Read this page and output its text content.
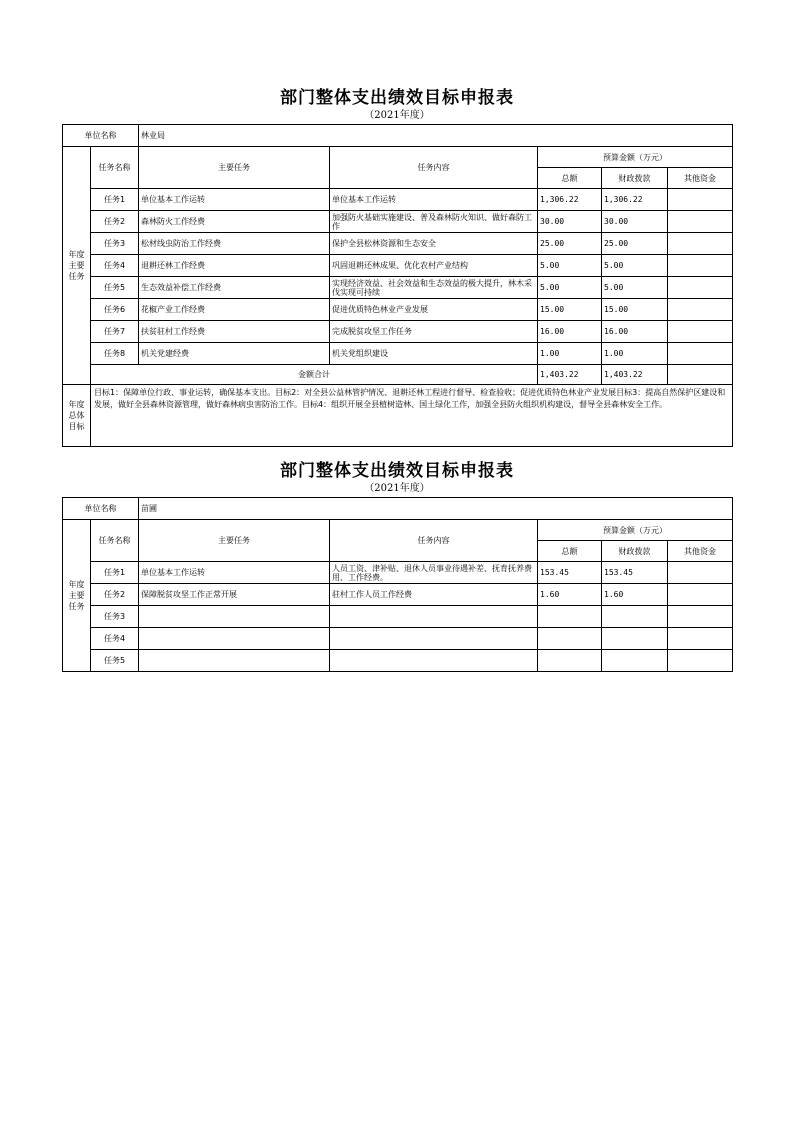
部门整体支出绩效目标申报表
（2021年度）
单位名称		林业局				
年度主要任务	任务名称	主要任务	任务内容	预算金额（万元）		
				总额	财政拨款	其他资金
	任务1	单位基本工作运转	单位基本工作运转	1,306.22	1,306.22	
	任务2	森林防火工作经费	加强防火基础实施建设、普及森林防火知识、做好森防工作	30.00	30.00	
	任务3	松材线虫防治工作经费	保护全县松林资源和生态安全	25.00	25.00	
	任务4	退耕还林工作经费	巩固退耕还林成果、优化农村产业结构	5.00	5.00	
	任务5	生态效益补偿工作经费	实现经济效益、社会效益和生态效益的极大提升，林木采伐实现可持续	5.00	5.00	
	任务6	花椒产业工作经费	促进优质特色林业产业发展	15.00	15.00	
	任务7	扶贫驻村工作经费	完成脱贫攻坚工作任务	16.00	16.00	
	任务8	机关党建经费	机关党组织建设	1.00	1.00	
	金额合计			1,403.22	1,403.22	
年度总体目标	目标1：保障单位行政、事业运转，确保基本支出。目标2：对全县公益林管护情况、退耕还林工程进行督导、检查验收；促进优质特色林业产业发展目标3：提高自然保护区建设和发展，做好全县森林资源管理，做好森林病虫害防治工作。目标4：组织开展全县植树造林、国土绿化工作，加强全县防火组织机构建设，督导全县森林安全工作。					
部门整体支出绩效目标申报表
（2021年度）
单位名称		苗圃				
年度主要任务	任务名称	主要任务	任务内容	预算金额（万元）		
				总额	财政拨款	其他资金
	任务1	单位基本工作运转	人员工资、津补贴、退休人员事业待遇补差、抚育抚养费用、工作经费。	153.45	153.45	
	任务2	保障脱贫攻坚工作正常开展	驻村工作人员工作经费	1.60	1.60	
	任务3					
	任务4					
	任务5					
